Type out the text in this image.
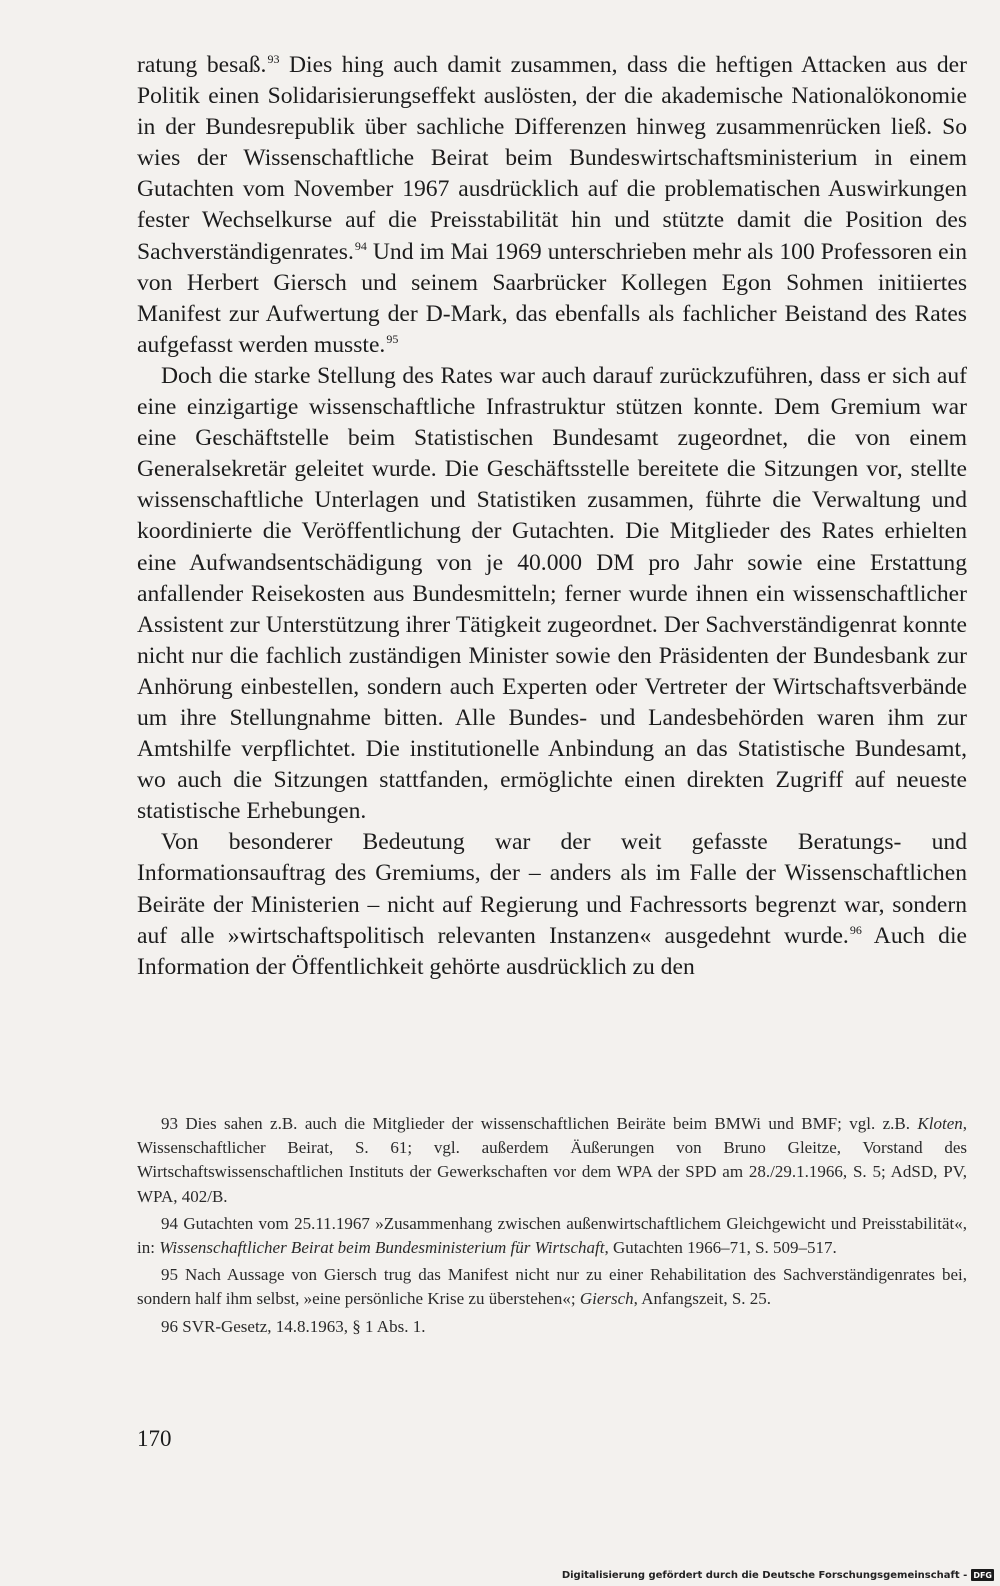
ratung besaß.$^{93}$ Dies hing auch damit zusammen, dass die heftigen Attacken aus der Politik einen Solidarisierungseffekt auslösten, der die akademische Nationalökonomie in der Bundesrepublik über sachliche Differenzen hinweg zusammenrücken ließ. So wies der Wissenschaftliche Beirat beim Bundeswirtschaftsministerium in einem Gutachten vom November 1967 ausdrücklich auf die problematischen Auswirkungen fester Wechselkurse auf die Preisstabilität hin und stützte damit die Position des Sachverständigenrates.$^{94}$ Und im Mai 1969 unterschrieben mehr als 100 Professoren ein von Herbert Giersch und seinem Saarbrücker Kollegen Egon Sohmen initiiertes Manifest zur Aufwertung der D-Mark, das ebenfalls als fachlicher Beistand des Rates aufgefasst werden musste.$^{95}$

Doch die starke Stellung des Rates war auch darauf zurückzuführen, dass er sich auf eine einzigartige wissenschaftliche Infrastruktur stützen konnte. Dem Gremium war eine Geschäftstelle beim Statistischen Bundesamt zugeordnet, die von einem Generalsekretär geleitet wurde. Die Geschäftsstelle bereitete die Sitzungen vor, stellte wissenschaftliche Unterlagen und Statistiken zusammen, führte die Verwaltung und koordinierte die Veröffentlichung der Gutachten. Die Mitglieder des Rates erhielten eine Aufwandsentschädigung von je 40.000 DM pro Jahr sowie eine Erstattung anfallender Reisekosten aus Bundesmitteln; ferner wurde ihnen ein wissenschaftlicher Assistent zur Unterstützung ihrer Tätigkeit zugeordnet. Der Sachverständigenrat konnte nicht nur die fachlich zuständigen Minister sowie den Präsidenten der Bundesbank zur Anhörung einbestellen, sondern auch Experten oder Vertreter der Wirtschaftsverbände um ihre Stellungnahme bitten. Alle Bundes- und Landesbehörden waren ihm zur Amtshilfe verpflichtet. Die institutionelle Anbindung an das Statistische Bundesamt, wo auch die Sitzungen stattfanden, ermöglichte einen direkten Zugriff auf neueste statistische Erhebungen.

Von besonderer Bedeutung war der weit gefasste Beratungs- und Informationsauftrag des Gremiums, der – anders als im Falle der Wissenschaftlichen Beiräte der Ministerien – nicht auf Regierung und Fachressorts begrenzt war, sondern auf alle »wirtschaftspolitisch relevanten Instanzen« ausgedehnt wurde.$^{96}$ Auch die Information der Öffentlichkeit gehörte ausdrücklich zu den

93 Dies sahen z.B. auch die Mitglieder der wissenschaftlichen Beiräte beim BMWi und BMF; vgl. z.B. Kloten, Wissenschaftlicher Beirat, S. 61; vgl. außerdem Äußerungen von Bruno Gleitze, Vorstand des Wirtschaftswissenschaftlichen Instituts der Gewerkschaften vor dem WPA der SPD am 28./29.1.1966, S. 5; AdSD, PV, WPA, 402/B.

94 Gutachten vom 25.11.1967 »Zusammenhang zwischen außenwirtschaftlichem Gleichgewicht und Preisstabilität«, in: Wissenschaftlicher Beirat beim Bundesministerium für Wirtschaft, Gutachten 1966–71, S. 509–517.

95 Nach Aussage von Giersch trug das Manifest nicht nur zu einer Rehabilitation des Sachverständigenrates bei, sondern half ihm selbst, »eine persönliche Krise zu überstehen«; Giersch, Anfangszeit, S. 25.

96 SVR-Gesetz, 14.8.1963, § 1 Abs. 1.

170
Digitalisierung gefördert durch die Deutsche Forschungsgemeinschaft - DFG
